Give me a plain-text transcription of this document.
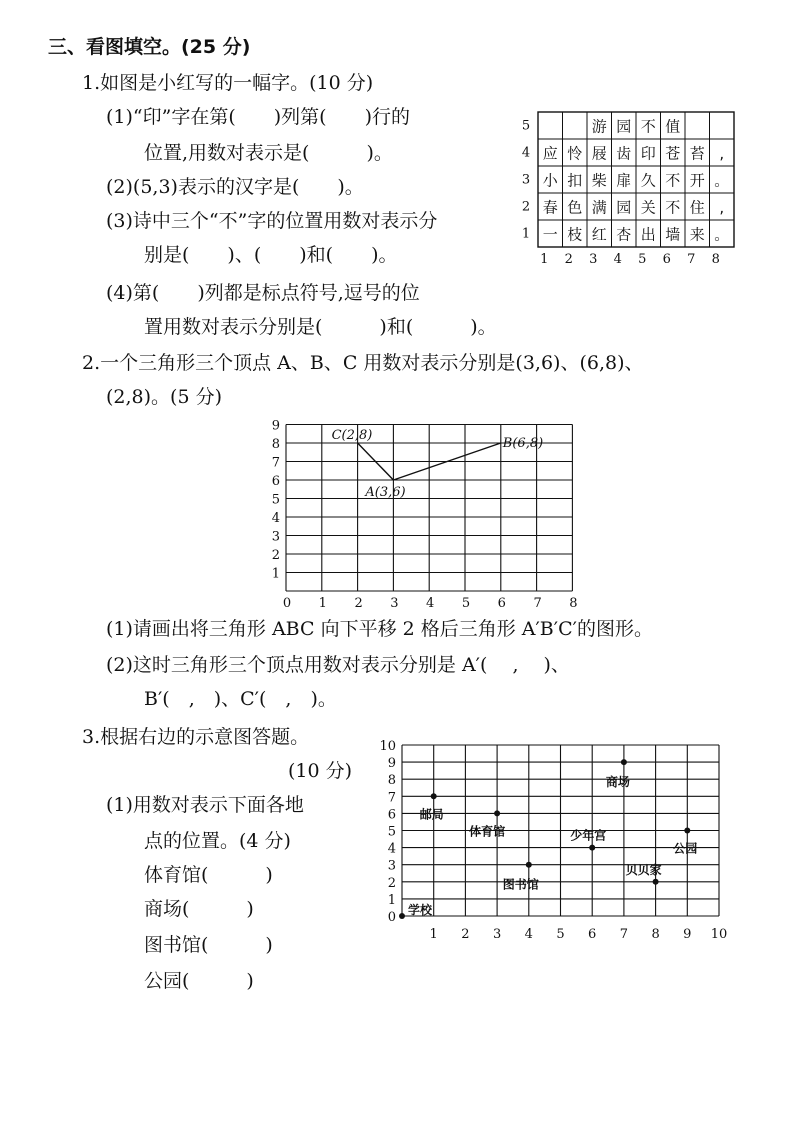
三、看图填空。(25 分)
1.如图是小红写的一幅字。(10 分)
(1)“印”字在第(　　)列第(　　)行的
位置,用数对表示是(　　　)。
(2)(5,3)表示的汉字是(　　)。
(3)诗中三个“不”字的位置用数对表示分
别是(　　)、(　　)和(　　)。
(4)第(　　)列都是标点符号,逗号的位
置用数对表示分别是(　　　)和(　　　)。
5	游 园 不 值
4 应 怜 屐 齿 印 苍 苔 ,
3 小 扣 柴 扉 久 不 开 。
2 春 色 满 园 关 不 住 ,
1 一 枝 红 杏 出 墙 来 。
1 2 3 4 5 6 7 8
2.一个三角形三个顶点 A、B、C 用数对表示分别是(3,6)、(6,8)、
(2,8)。(5 分)
0 1 2 3 4 5 6 7 8
1
2
3
4
5
6
7
8
9
C(2,8)
A(3,6)
B(6,8)
(1)请画出将三角形 ABC 向下平移 2 格后三角形 A′B′C′的图形。
(2)这时三角形三个顶点用数对表示分别是 A′(　 ,　 )、
B′(　,　)、C′(　,　)。
3.根据右边的示意图答题。
(10 分)
(1)用数对表示下面各地
点的位置。(4 分)
体育馆(　　　)
商场(　　　)
图书馆(　　　)
公园(　　　)
1 2 3 4 5 6 7 8 9 10
0
1
2
3
4
5
6
7
8
9
10
学校
邮局
体育馆
图书馆
少年宫
商场
贝贝家
公园
